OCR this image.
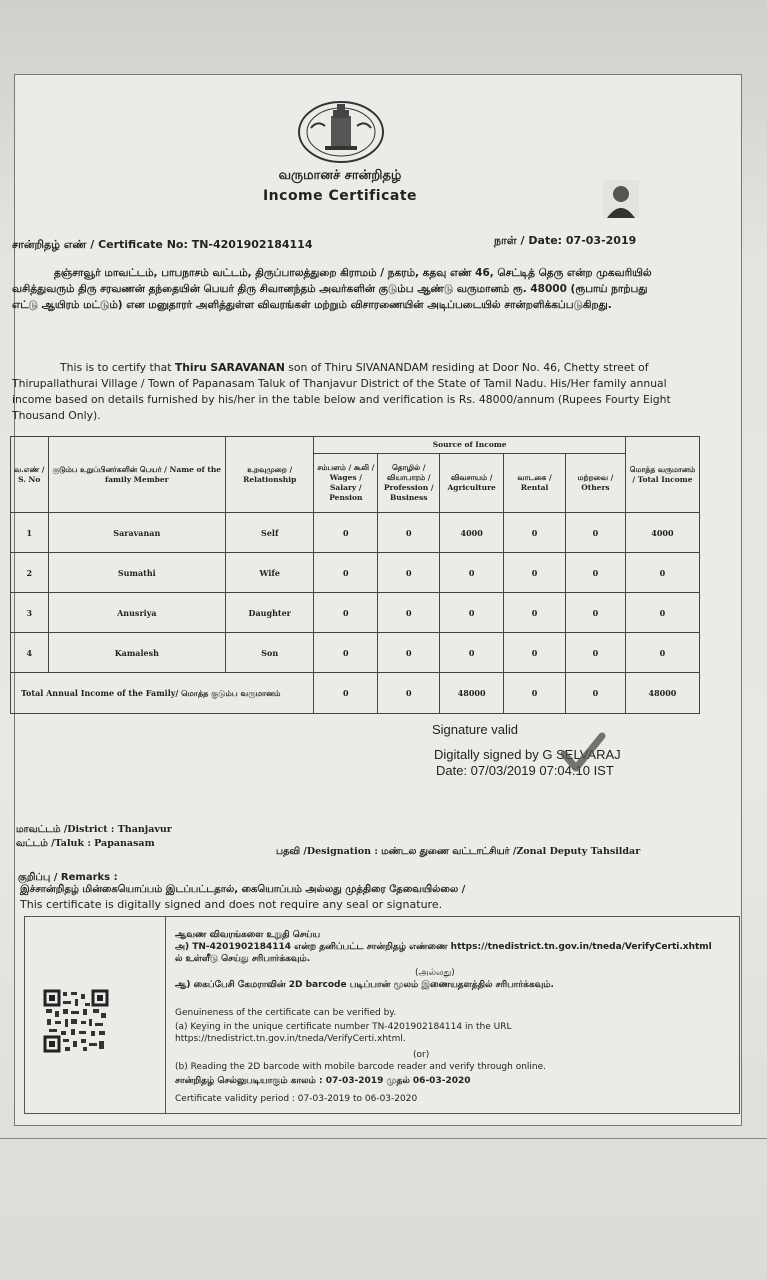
வருமானச் சான்றிதழ்
Income Certificate
சான்றிதழ் எண் / Certificate No: TN-4201902184114	நாள் / Date: 07-03-2019
தஞ்சாவூர் மாவட்டம், பாபநாசம் வட்டம், திருப்பாலத்துறை கிராமம் / நகரம், கதவு எண் 46, செட்டித் தெரு என்ற முகவரியில் வசித்துவரும் திரு சரவணன் தந்தையின் பெயர் திரு சிவானந்தம் அவர்களின் குடும்ப ஆண்டு வருமானம் ரூ. 48000 (ரூபாய் நாற்பது எட்டு ஆயிரம் மட்டும்) என மனுதாரர் அளித்துள்ள விவரங்கள் மற்றும் விசாரணையின் அடிப்படையில் சான்றளிக்கப்படுகிறது.
This is to certify that Thiru SARAVANAN son of Thiru SIVANANDAM residing at Door No. 46, Chetty street of Thirupallathurai Village / Town of Papanasam Taluk of Thanjavur District of the State of Tamil Nadu. His/Her family annual income based on details furnished by his/her in the table below and verification is Rs. 48000/annum (Rupees Fourty Eight Thousand Only).
வ.எண் / S. No	குடும்ப உறுப்பினர்களின் பெயர் / Name of the family Member	உறவுமுறை / Relationship	Source of Income					மொத்த வருமானம் / Total Income
			சம்பளம் / கூலி / Wages / Salary / Pension	தொழில் / வியாபாரம் / Profession / Business	விவசாயம் / Agriculture	வாடகை / Rental	மற்றவை / Others	
1	Saravanan	Self	0	0	4000	0	0	4000
2	Sumathi	Wife	0	0	0	0	0	0
3	Anusriya	Daughter	0	0	0	0	0	0
4	Kamalesh	Son	0	0	0	0	0	0
Total Annual Income of the Family/ மொத்த குடும்ப வருமானம்			0	0	48000	0	0	48000
Signature valid
Digitally signed by G SELVARAJ
Date: 07/03/2019 07:04:10 IST
மாவட்டம் /District : Thanjavur
வட்டம் /Taluk : Papanasam
பதவி /Designation : மண்டல துணை வட்டாட்சியர் /Zonal Deputy Tahsildar
குறிப்பு / Remarks :
இச்சான்றிதழ் மின்கையொப்பம் இடப்பட்டதால், கையொப்பம் அல்லது முத்திரை தேவையில்லை /
This certificate is digitally signed and does not require any seal or signature.
ஆவண விவரங்களை உறுதி செய்ய
அ) TN-4201902184114 என்ற தனிப்பட்ட சான்றிதழ் எண்ணை https://tnedistrict.tn.gov.in/tneda/VerifyCerti.xhtml ல் உள்ளீடு செய்து சரிபார்க்கவும்.
(அல்லது)
ஆ) கைப்பேசி கேமராவின் 2D barcode படிப்பான் மூலம் இணையதளத்தில் சரிபார்க்கவும்.
Genuineness of the certificate can be verified by.
(a) Keying in the unique certificate number TN-4201902184114 in the URL https://tnedistrict.tn.gov.in/tneda/VerifyCerti.xhtml.
(or)
(b) Reading the 2D barcode with mobile barcode reader and verify through online.
சான்றிதழ் செல்லுபடியாகும் காலம் : 07-03-2019 முதல் 06-03-2020
Certificate validity period : 07-03-2019 to 06-03-2020
